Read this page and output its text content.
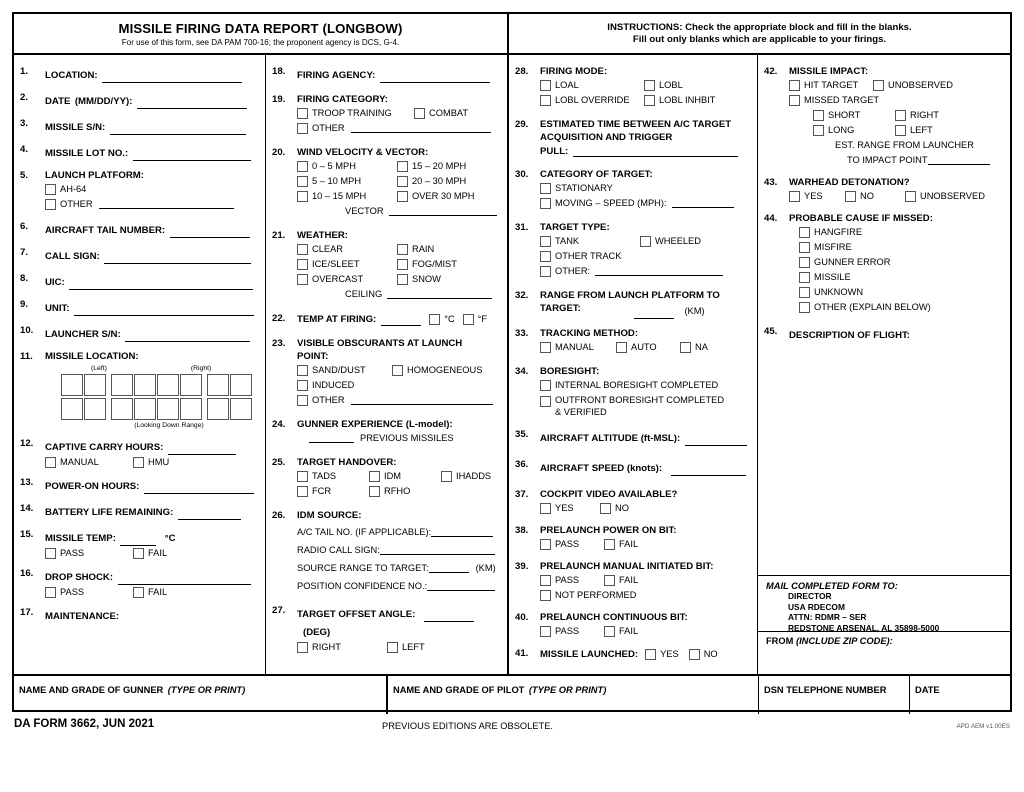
MISSILE FIRING DATA REPORT (LONGBOW)
For use of this form, see DA PAM 700-16; the proponent agency is DCS, G-4.
INSTRUCTIONS: Check the appropriate block and fill in the blanks.
Fill out only blanks which are applicable to your firings.
1.	LOCATION:
2.	DATE (MM/DD/YY):
3.	MISSILE S/N:
4.	MISSILE LOT NO.:
5.	LAUNCH PLATFORM:
AH-64
OTHER
6.	AIRCRAFT TAIL NUMBER:
7.	CALL SIGN:
8.	UIC:
9.	UNIT:
10.	LAUNCHER S/N:
11.	MISSILE LOCATION:
(Left)	(Right)
(Looking Down Range)
12.	CAPTIVE CARRY HOURS:
MANUAL	HMU
13.	POWER-ON HOURS:
14.	BATTERY LIFE REMAINING:
15.	MISSILE TEMP:	°C
PASS	FAIL
16.	DROP SHOCK:
PASS	FAIL
17.	MAINTENANCE:
18.	FIRING AGENCY:
19.	FIRING CATEGORY:
TROOP TRAINING	COMBAT
OTHER
20.	WIND VELOCITY & VECTOR:
0 – 5 MPH	15 – 20 MPH
5 – 10 MPH	20 – 30 MPH
10 – 15 MPH	OVER 30 MPH
VECTOR
21.	WEATHER:
CLEAR	RAIN
ICE/SLEET	FOG/MIST
OVERCAST	SNOW
CEILING
22.	TEMP AT FIRING:	°C °F
23.	VISIBLE OBSCURANTS AT LAUNCH POINT:
SAND/DUST	HOMOGENEOUS
INDUCED
OTHER
24.	GUNNER EXPERIENCE (L-model):
PREVIOUS MISSILES
25.	TARGET HANDOVER:
TADS	IDM	IHADDS
FCR	RFHO
26.	IDM SOURCE:
A/C TAIL NO. (IF APPLICABLE):
RADIO CALL SIGN:
SOURCE RANGE TO TARGET:	(KM)
POSITION CONFIDENCE NO.:
27.	TARGET OFFSET ANGLE:  (DEG)
RIGHT	LEFT
28.	FIRING MODE:
LOAL	LOBL
LOBL OVERRIDE	LOBL INHBIT
29.	ESTIMATED TIME BETWEEN A/C TARGET ACQUISITION AND TRIGGER
PULL:
30.	CATEGORY OF TARGET:
STATIONARY
MOVING – SPEED (MPH):
31.	TARGET TYPE:
TANK	WHEELED
OTHER TRACK
OTHER:
32.	RANGE FROM LAUNCH PLATFORM TO TARGET:	(KM)
33.	TRACKING METHOD:
MANUAL	AUTO	NA
34.	BORESIGHT:
INTERNAL BORESIGHT COMPLETED
OUTFRONT BORESIGHT COMPLETED & VERIFIED
35.	AIRCRAFT ALTITUDE (ft-MSL):
36.	AIRCRAFT SPEED (knots):
37.	COCKPIT VIDEO AVAILABLE?
YES	NO
38.	PRELAUNCH POWER ON BIT:
PASS	FAIL
39.	PRELAUNCH MANUAL INITIATED BIT:
PASS	FAIL
NOT PERFORMED
40.	PRELAUNCH CONTINUOUS BIT:
PASS	FAIL
41.	MISSILE LAUNCHED: YES	NO
42.	MISSILE IMPACT:
HIT TARGET	UNOBSERVED
MISSED TARGET
SHORT	RIGHT
LONG	LEFT
EST. RANGE FROM LAUNCHER
TO IMPACT POINT
43.	WARHEAD DETONATION?
YES	NO	UNOBSERVED
44.	PROBABLE CAUSE IF MISSED:
HANGFIRE
MISFIRE
GUNNER ERROR
MISSILE
UNKNOWN
OTHER (EXPLAIN BELOW)
45.	DESCRIPTION OF FLIGHT:
MAIL COMPLETED FORM TO:
DIRECTOR
USA RDECOM
ATTN: RDMR – SER
REDSTONE ARSENAL, AL 35898-5000
FROM (INCLUDE ZIP CODE):
NAME AND GRADE OF GUNNER (TYPE OR PRINT)	NAME AND GRADE OF PILOT (TYPE OR PRINT)	DSN TELEPHONE NUMBER	DATE
DA FORM 3662, JUN 2021	PREVIOUS EDITIONS ARE OBSOLETE.	APD AEM v1.00ES
